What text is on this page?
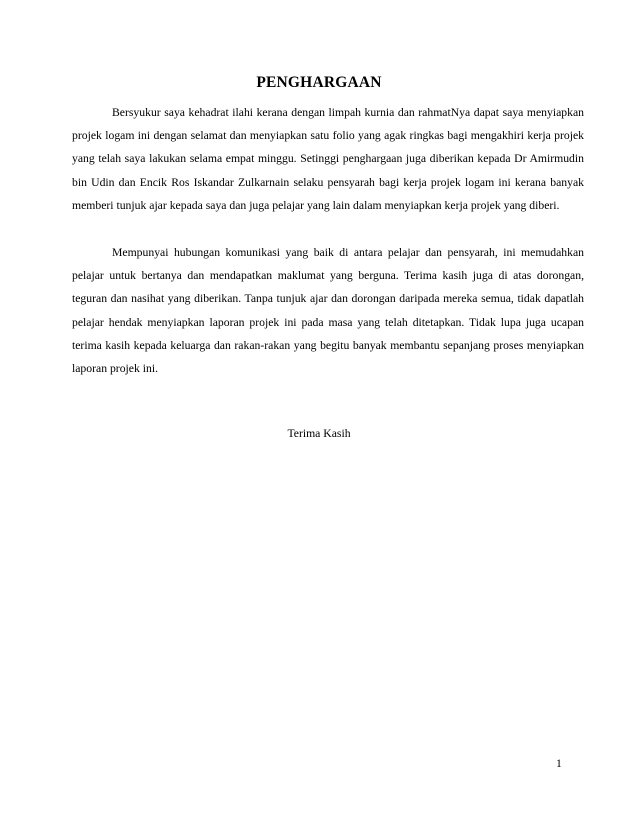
PENGHARGAAN

Bersyukur saya kehadrat ilahi kerana dengan limpah kurnia dan rahmatNya dapat saya menyiapkan projek logam ini dengan selamat dan menyiapkan satu folio yang agak ringkas bagi mengakhiri kerja projek yang telah saya lakukan selama empat minggu. Setinggi penghargaan juga diberikan kepada Dr Amirmudin bin Udin dan Encik Ros Iskandar Zulkarnain selaku pensyarah bagi kerja projek logam ini kerana banyak memberi tunjuk ajar kepada saya dan juga pelajar yang lain dalam menyiapkan kerja projek yang diberi.

Mempunyai hubungan komunikasi yang baik di antara pelajar dan pensyarah, ini memudahkan pelajar untuk bertanya dan mendapatkan maklumat yang berguna. Terima kasih juga di atas dorongan, teguran dan nasihat yang diberikan. Tanpa tunjuk ajar dan dorongan daripada mereka semua, tidak dapatlah pelajar hendak menyiapkan laporan projek ini pada masa yang telah ditetapkan. Tidak lupa juga ucapan terima kasih kepada keluarga dan rakan-rakan yang begitu banyak membantu sepanjang proses menyiapkan laporan projek ini.

Terima Kasih
1
